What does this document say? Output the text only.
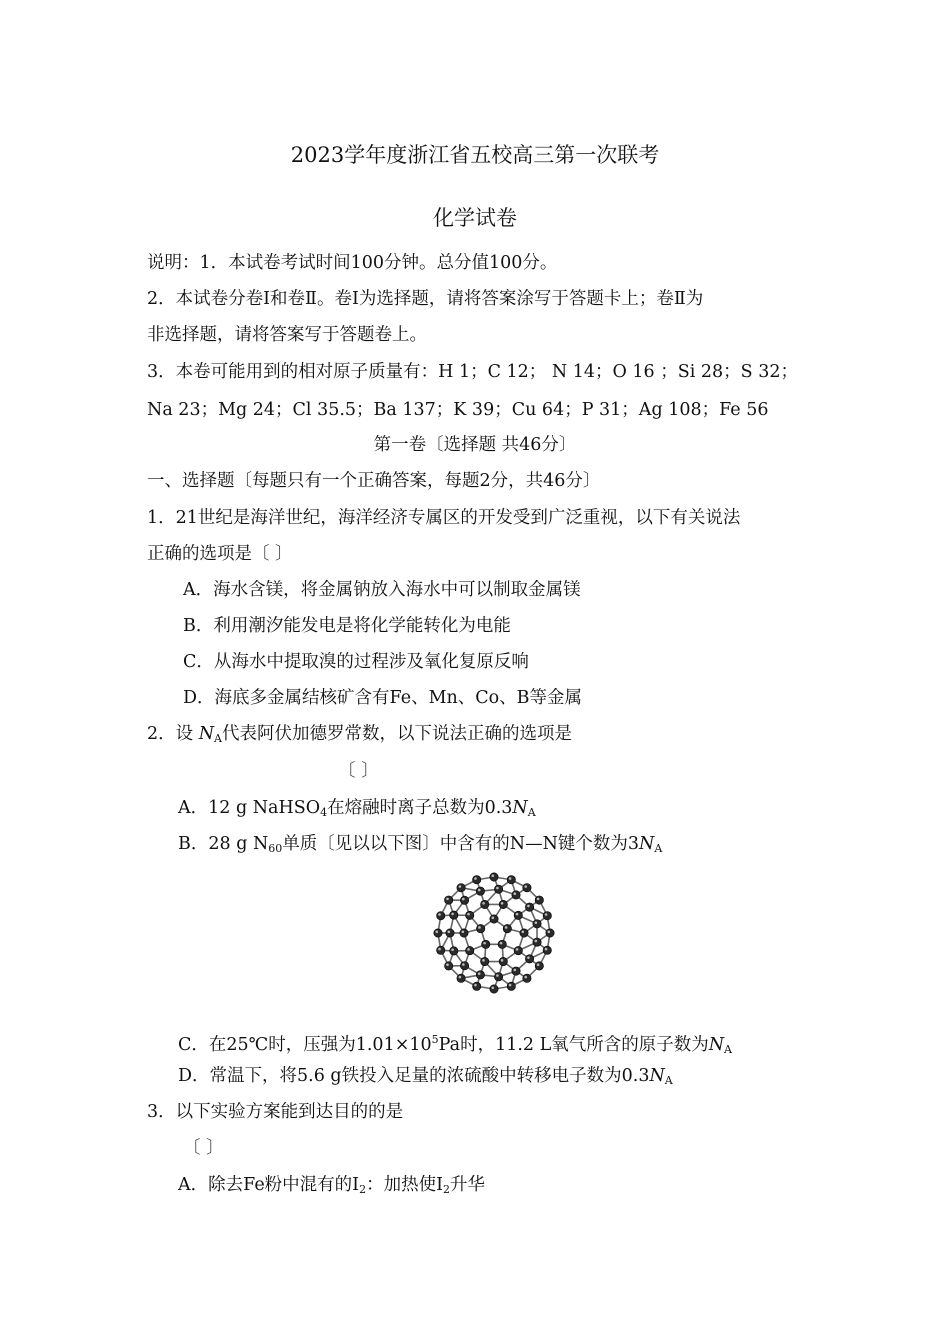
2023学年度浙江省五校高三第一次联考
化学试卷
说明：1．本试卷考试时间100分钟。总分值100分。
2．本试卷分卷Ⅰ和卷Ⅱ。卷Ⅰ为选择题，请将答案涂写于答题卡上；卷Ⅱ为
非选择题，请将答案写于答题卷上。
3．本卷可能用到的相对原子质量有：H 1；C 12； N 14；O 16 ；Si 28；S 32；
Na 23；Mg 24；Cl 35.5；Ba 137；K 39；Cu 64；P 31；Ag 108；Fe 56
第一卷〔选择题 共46分〕
一、选择题〔每题只有一个正确答案，每题2分，共46分〕
1．21世纪是海洋世纪，海洋经济专属区的开发受到广泛重视，以下有关说法
正确的选项是〔 〕
A．海水含镁，将金属钠放入海水中可以制取金属镁
B．利用潮汐能发电是将化学能转化为电能
C．从海水中提取溴的过程涉及氧化复原反响
D．海底多金属结核矿含有Fe、Mn、Co、B等金属
2．设 $N_A$代表阿伏加德罗常数，以下说法正确的选项是
〔 〕
A．12 g NaHSO$_4$在熔融时离子总数为$0.3N_A$
B．28 g $N_{60}$单质〔见以以下图〕中含有的N—N键个数为$3N_A$
C．在25℃时，压强为$1.01\times 10^5Pa$时，11.2 L氧气所含的原子数为$N_A$
D．常温下，将5.6 g铁投入足量的浓硫酸中转移电子数为$0.3N_A$
3．以下实验方案能到达目的的是
〔 〕
A．除去Fe粉中混有的$I_2$：加热使$I_2$升华
